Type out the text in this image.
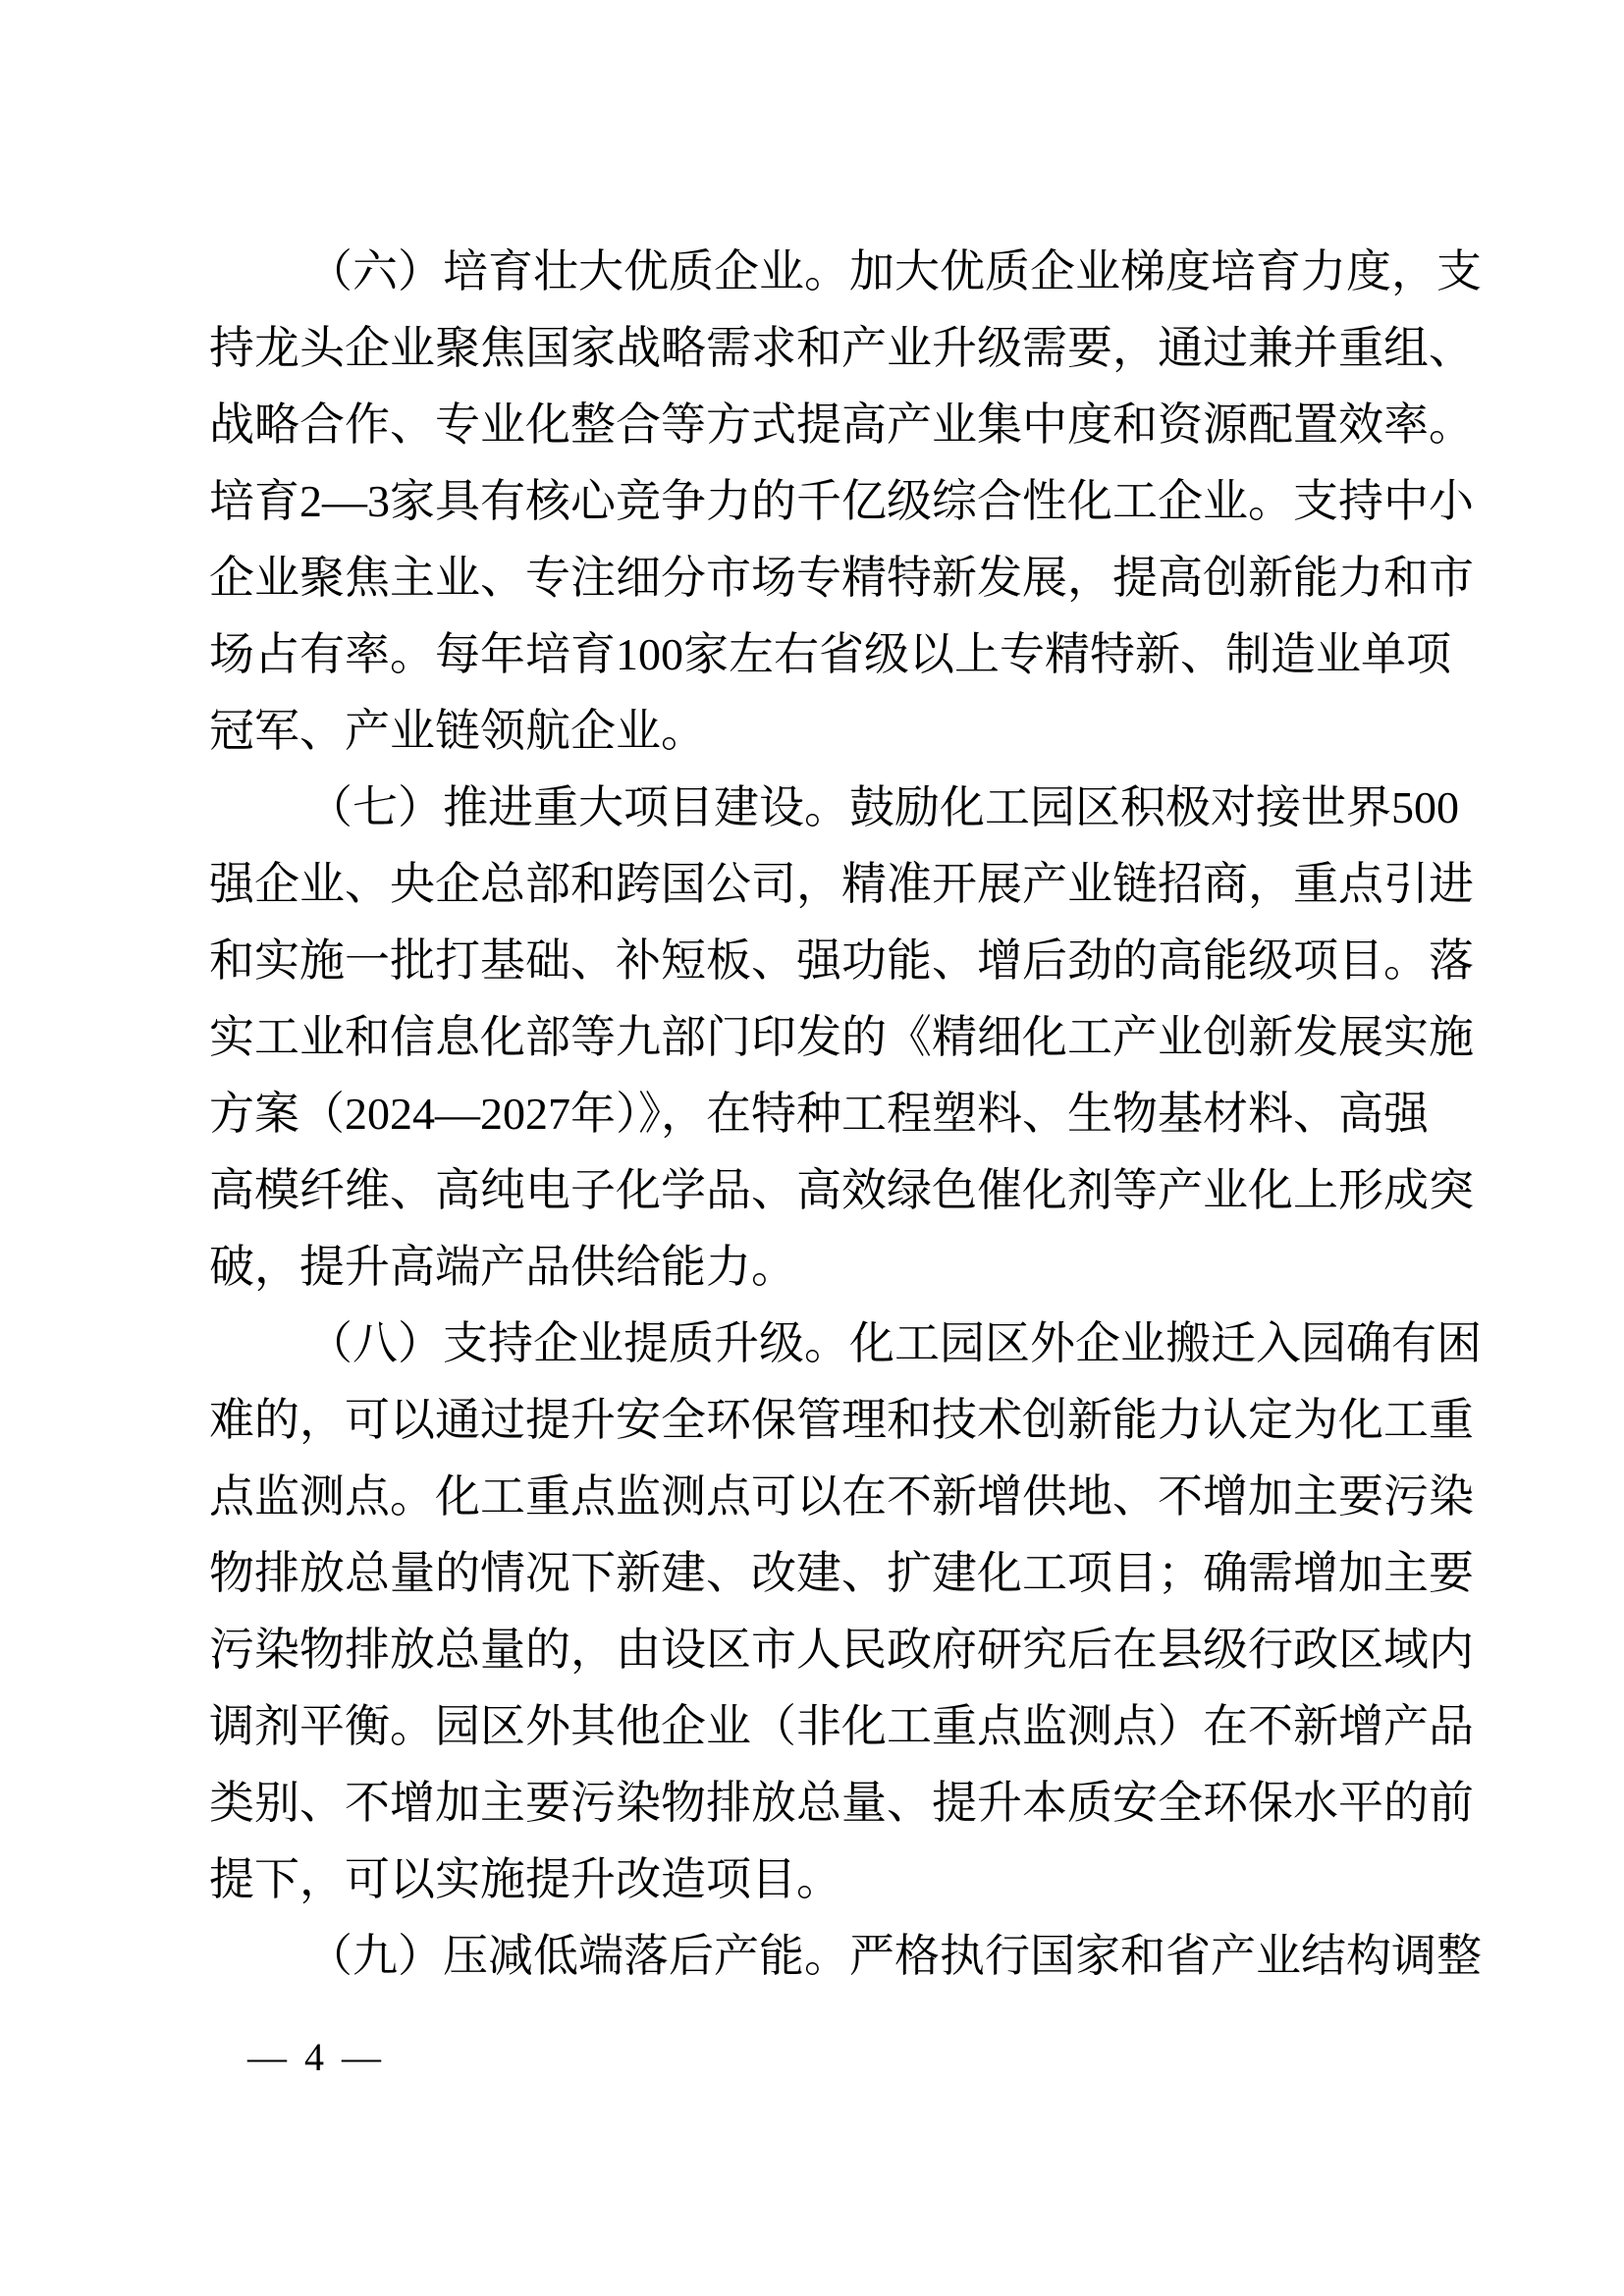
（六）培育壮大优质企业。加大优质企业梯度培育力度，支
持龙头企业聚焦国家战略需求和产业升级需要，通过兼并重组、
战略合作、专业化整合等方式提高产业集中度和资源配置效率。
培育2—3家具有核心竞争力的千亿级综合性化工企业。支持中小
企业聚焦主业、专注细分市场专精特新发展，提高创新能力和市
场占有率。每年培育100家左右省级以上专精特新、制造业单项
冠军、产业链领航企业。
（七）推进重大项目建设。鼓励化工园区积极对接世界500
强企业、央企总部和跨国公司，精准开展产业链招商，重点引进
和实施一批打基础、补短板、强功能、增后劲的高能级项目。落
实工业和信息化部等九部门印发的《精细化工产业创新发展实施
方案（2024—2027年）》，在特种工程塑料、生物基材料、高强
高模纤维、高纯电子化学品、高效绿色催化剂等产业化上形成突
破，提升高端产品供给能力。
（八）支持企业提质升级。化工园区外企业搬迁入园确有困
难的，可以通过提升安全环保管理和技术创新能力认定为化工重
点监测点。化工重点监测点可以在不新增供地、不增加主要污染
物排放总量的情况下新建、改建、扩建化工项目；确需增加主要
污染物排放总量的，由设区市人民政府研究后在县级行政区域内
调剂平衡。园区外其他企业（非化工重点监测点）在不新增产品
类别、不增加主要污染物排放总量、提升本质安全环保水平的前
提下，可以实施提升改造项目。
（九）压减低端落后产能。严格执行国家和省产业结构调整
— 4 —
